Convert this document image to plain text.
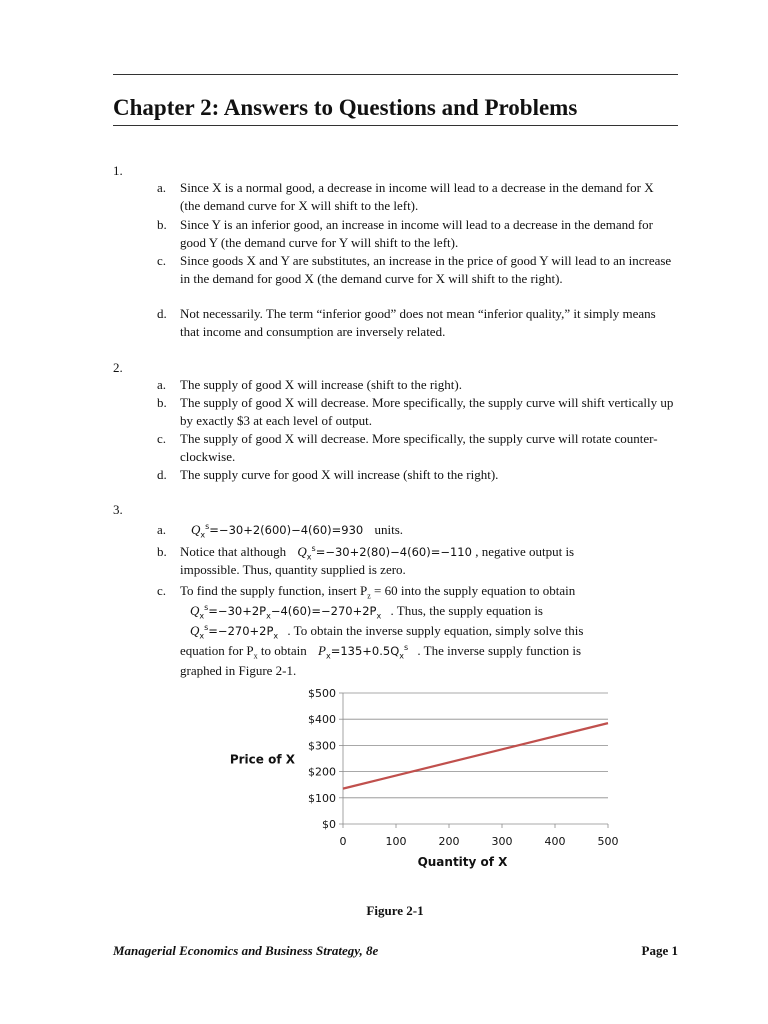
Chapter 2: Answers to Questions and Problems
1.
a. Since X is a normal good, a decrease in income will lead to a decrease in the demand for X (the demand curve for X will shift to the left).
b. Since Y is an inferior good, an increase in income will lead to a decrease in the demand for good Y (the demand curve for Y will shift to the left).
c. Since goods X and Y are substitutes, an increase in the price of good Y will lead to an increase in the demand for good X (the demand curve for X will shift to the right).
d. Not necessarily. The term “inferior good” does not mean “inferior quality,” it simply means that income and consumption are inversely related.
2.
a. The supply of good X will increase (shift to the right).
b. The supply of good X will decrease. More specifically, the supply curve will shift vertically up by exactly $3 at each level of output.
c. The supply of good X will decrease. More specifically, the supply curve will rotate counter-clockwise.
d. The supply curve for good X will increase (shift to the right).
3.
a.	$Q_x^s=-30+2(600)-4(60)=930$ units.
b. Notice that although $Q_x^s=-30+2(80)-4(60)=-110$ , negative output is
impossible. Thus, quantity supplied is zero.
c. To find the supply function, insert $P_z = 60$ into the supply equation to obtain
$Q_x^s=-30+2P_x-4(60)=-270+2P_x$ . Thus, the supply equation is
$Q_x^s=-270+2P_x$ . To obtain the inverse supply equation, simply solve this
equation for $P_x$ to obtain $P_x=135+0.5Q_x^s$ . The inverse supply function is
graphed in Figure 2-1.
$0
$100
$200
$300
$400
$500
0	100	200	300	400	500
Quantity of X
Price of X
Figure 2-1
Managerial Economics and Business Strategy, 8e	Page 1
